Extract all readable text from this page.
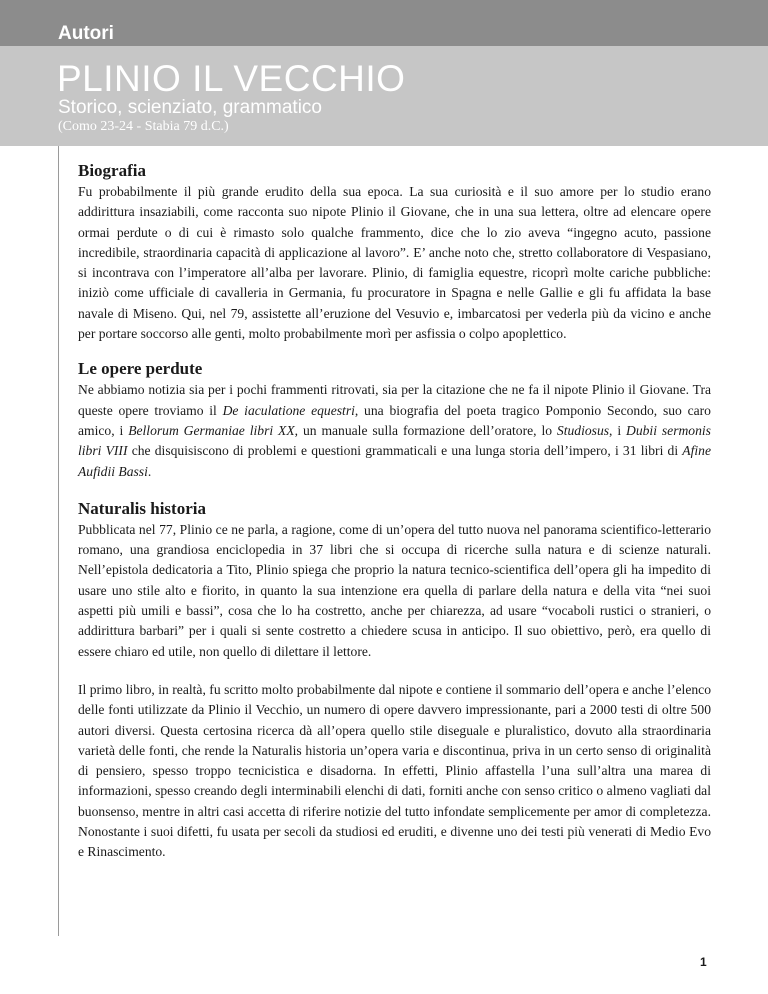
Autori
PLINIO IL VECCHIO
Storico, scienziato, grammatico
(Como 23-24 - Stabia 79 d.C.)
Biografia

Fu probabilmente il più grande erudito della sua epoca. La sua curiosità e il suo amore per lo studio erano addirittura insaziabili, come racconta suo nipote Plinio il Giovane, che in una sua lettera, oltre ad elencare opere ormai perdute o di cui è rimasto solo qualche frammento, dice che lo zio aveva “ingegno acuto, passione incredibile, straordinaria capacità di applicazione al lavoro”. E’ anche noto che, stretto collaboratore di Vespasiano, si incontrava con l’imperatore all’alba per lavorare. Plinio, di famiglia equestre, ricoprì molte cariche pubbliche: iniziò come ufficiale di cavalleria in Germania, fu procuratore in Spagna e nelle Gallie e gli fu affidata la base navale di Miseno. Qui, nel 79, assistette all’eruzione del Vesuvio e, imbarcatosi per vederla più da vicino e anche per portare soccorso alle genti, molto probabilmente morì per asfissia o colpo apoplettico.

Le opere perdute

Ne abbiamo notizia sia per i pochi frammenti ritrovati, sia per la citazione che ne fa il nipote Plinio il Giovane. Tra queste opere troviamo il De iaculatione equestri, una biografia del poeta tragico Pomponio Secondo, suo caro amico, i Bellorum Germaniae libri XX, un manuale sulla formazione dell’oratore, lo Studiosus, i Dubii sermonis libri VIII che disquisiscono di problemi e questioni grammaticali e una lunga storia dell’impero, i 31 libri di Afine Aufidii Bassi.

Naturalis historia

Pubblicata nel 77, Plinio ce ne parla, a ragione, come di un’opera del tutto nuova nel panorama scientifico-letterario romano, una grandiosa enciclopedia in 37 libri che si occupa di ricerche sulla natura e di scienze naturali. Nell’epistola dedicatoria a Tito, Plinio spiega che proprio la natura tecnico-scientifica dell’opera gli ha impedito di usare uno stile alto e fiorito, in quanto la sua intenzione era quella di parlare della natura e della vita “nei suoi aspetti più umili e bassi”, cosa che lo ha costretto, anche per chiarezza, ad usare “vocaboli rustici o stranieri, o addirittura barbari” per i quali si sente costretto a chiedere scusa in anticipo. Il suo obiettivo, però, era quello di essere chiaro ed utile, non quello di dilettare il lettore.

Il primo libro, in realtà, fu scritto molto probabilmente dal nipote e contiene il sommario dell’opera e anche l’elenco delle fonti utilizzate da Plinio il Vecchio, un numero di opere davvero impressionante, pari a 2000 testi di oltre 500 autori diversi. Questa certosina ricerca dà all’opera quello stile diseguale e pluralistico, dovuto alla straordinaria varietà delle fonti, che rende la Naturalis historia un’opera varia e discontinua, priva in un certo senso di originalità di pensiero, spesso troppo tecnicistica e disadorna. In effetti, Plinio affastella l’una sull’altra una marea di informazioni, spesso creando degli interminabili elenchi di dati, forniti anche con senso critico o almeno vagliati dal buonsenso, mentre in altri casi accetta di riferire notizie del tutto infondate semplicemente per amor di completezza. Nonostante i suoi difetti, fu usata per secoli da studiosi ed eruditi, e divenne uno dei testi più venerati di Medio Evo e Rinascimento.

1
